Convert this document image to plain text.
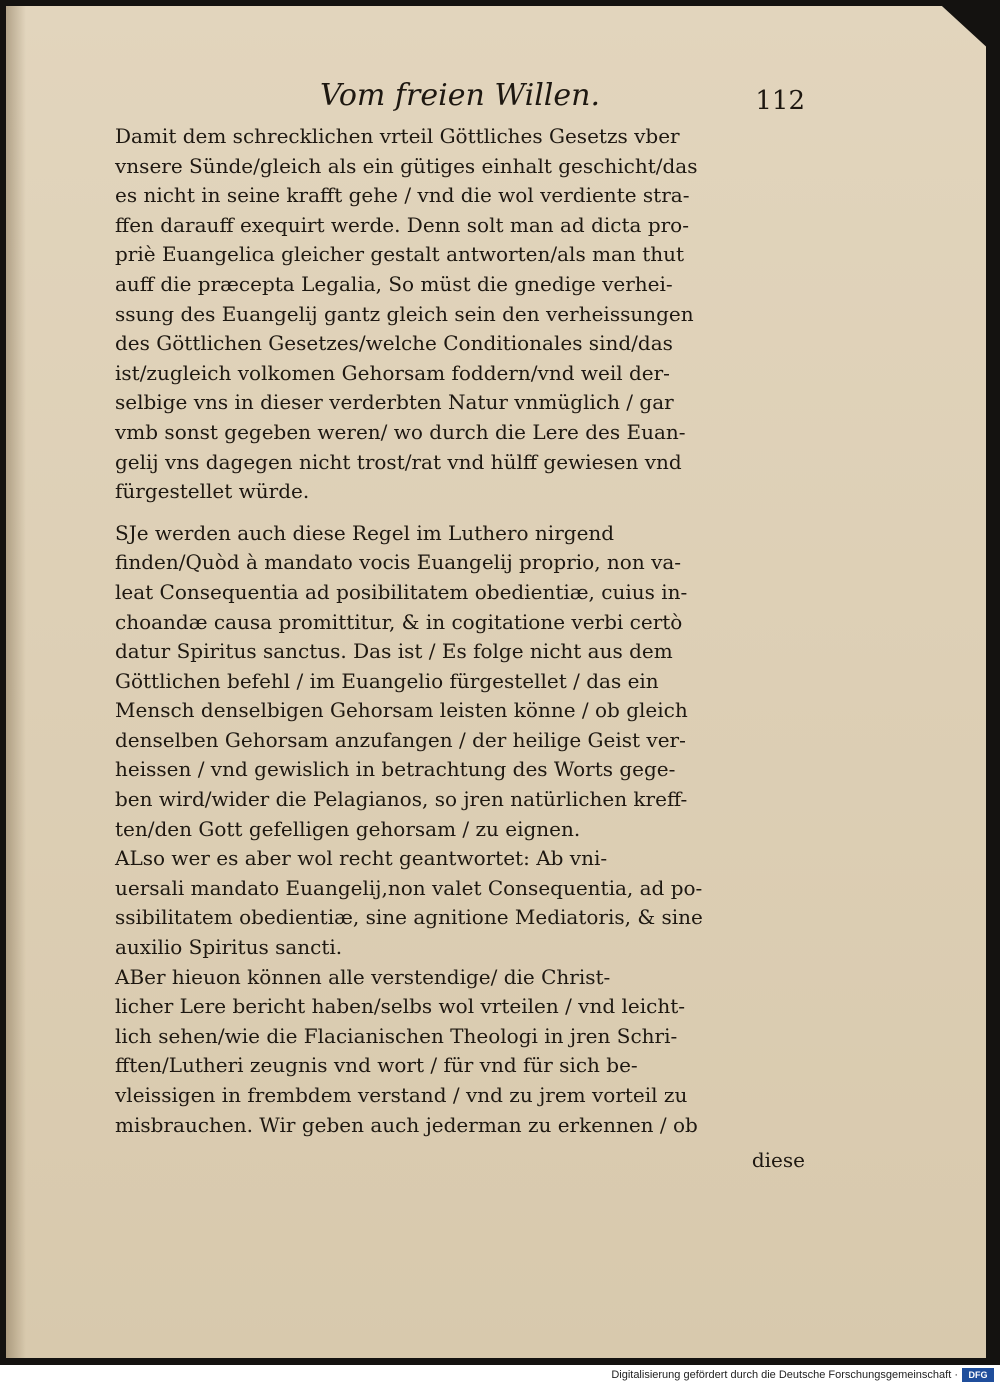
Vom freien Willen.	112
Damit dem schrecklichen vrteil Göttliches Gesetzs vber
vnsere Sünde/gleich als ein gütiges einhalt geschicht/das
es nicht in seine krafft gehe / vnd die wol verdiente stra-
ffen darauff exequirt werde. Denn solt man ad dicta pro-
priè Euangelica gleicher gestalt antworten/als man thut
auff die præcepta Legalia, So müst die gnedige verhei-
ssung des Euangelij gantz gleich sein den verheissungen
des Göttlichen Gesetzes/welche Conditionales sind/das
ist/zugleich volkomen Gehorsam foddern/vnd weil der-
selbige vns in dieser verderbten Natur vnmüglich / gar
vmb sonst gegeben weren/ wo durch die Lere des Euan-
gelij vns dagegen nicht trost/rat vnd hülff gewiesen vnd
fürgestellet würde.
SJe werden auch diese Regel im Luthero nirgend
finden/Quòd à mandato vocis Euangelij proprio, non va-
leat Consequentia ad posibilitatem obedientiæ, cuius in-
choandæ causa promittitur, & in cogitatione verbi certò
datur Spiritus sanctus. Das ist / Es folge nicht aus dem
Göttlichen befehl / im Euangelio fürgestellet / das ein
Mensch denselbigen Gehorsam leisten könne / ob gleich
denselben Gehorsam anzufangen / der heilige Geist ver-
heissen / vnd gewislich in betrachtung des Worts gege-
ben wird/wider die Pelagianos, so jren natürlichen kreff-
ten/den Gott gefelligen gehorsam / zu eignen.
ALso wer es aber wol recht geantwortet: Ab vni-
uersali mandato Euangelij,non valet Consequentia, ad po-
ssibilitatem obedientiæ, sine agnitione Mediatoris, & sine
auxilio Spiritus sancti.
ABer hieuon können alle verstendige/ die Christ-
licher Lere bericht haben/selbs wol vrteilen / vnd leicht-
lich sehen/wie die Flacianischen Theologi in jren Schri-
fften/Lutheri zeugnis vnd wort / für vnd für sich be-
vleissigen in frembdem verstand / vnd zu jrem vorteil zu
misbrauchen. Wir geben auch jederman zu erkennen / ob
diese
Digitalisierung gefördert durch die Deutsche Forschungsgemeinschaft ·	DFG
